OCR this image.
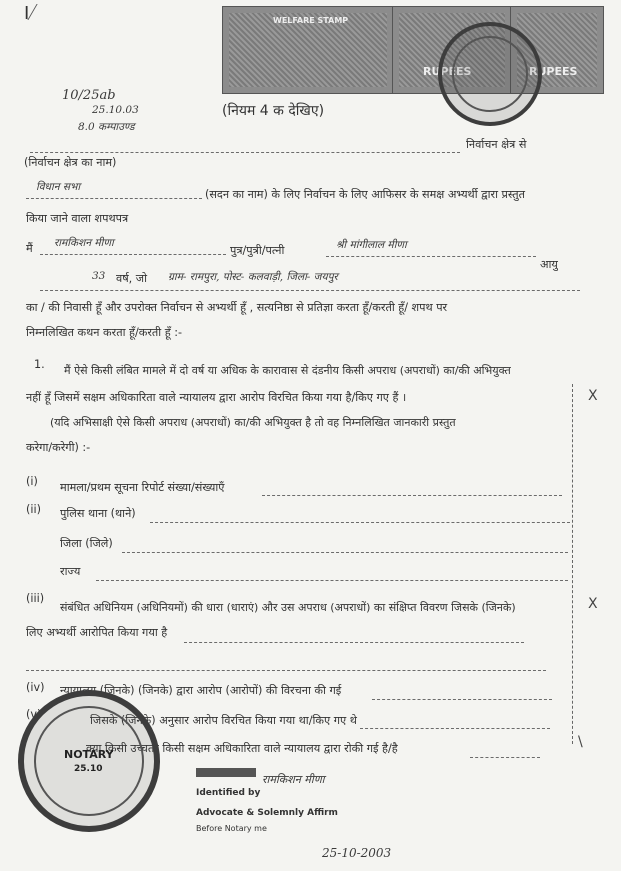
I	WELFARE STAMP
RUPEES	RUPEES
10/25ab
25.10.03
8.0 कम्पाउण्ड
(नियम 4 क देखिए)
निर्वाचन क्षेत्र से
(निर्वाचन क्षेत्र का नाम)
विधान सभा
(सदन का नाम) के लिए निर्वाचन के लिए आफिसर के समक्ष अभ्यर्थी द्वारा प्रस्तुत
किया जाने वाला शपथपत्र
मैं रामकिशन मीणा
पुत्र/पुत्री/पत्नी	श्री मांगीलाल मीणा
आयु
33 वर्ष, जो ग्राम- रामपुरा, पोस्ट- कलवाड़ी, जिला- जयपुर
का / की निवासी हूँ और उपरोक्त निर्वाचन से अभ्यर्थी हूँ , सत्यनिष्ठा से प्रतिज्ञा करता हूँ/करती हूँ/ शपथ पर
निम्नलिखित कथन करता हूँ/करती हूँ :-
1. मैं ऐसे किसी लंबित मामले में दो वर्ष या अधिक के कारावास से दंडनीय किसी अपराध (अपराधों) का/की अभियुक्त
नहीं हूँ जिसमें सक्षम अधिकारिता वाले न्यायालय द्वारा आरोप विरचित किया गया है/किए गए हैं ।
(यदि अभिसाक्षी ऐसे किसी अपराध (अपराधों) का/की अभियुक्त है तो वह निम्नलिखित जानकारी प्रस्तुत
करेगा/करेगी) :-
(i) मामला/प्रथम सूचना रिपोर्ट संख्या/संख्याएँ
(ii) पुलिस थाना (थाने)
जिला (जिले)
राज्य
(iii)
संबंधित अधिनियम (अधिनियमों) की धारा (धाराएं) और उस अपराध (अपराधों) का संक्षिप्त विवरण जिसके (जिनके)
लिए अभ्यर्थी आरोपित किया गया है
(iv) न्यायालय (जिनके) (जिनके) द्वारा आरोप (आरोपों) की विरचना की गई
(v)	जिसके (जिनके) अनुसार आरोप विरचित किया गया था/किए गए थे
क्या किसी उच्चतर किसी सक्षम अधिकारिता वाले न्यायालय द्वारा रोकी गई है/है
X
X
\
NOTARY
25.10
रामकिशन मीणा
Identified by
Advocate & Solemnly Affirm
Before Notary me
25-10-2003
